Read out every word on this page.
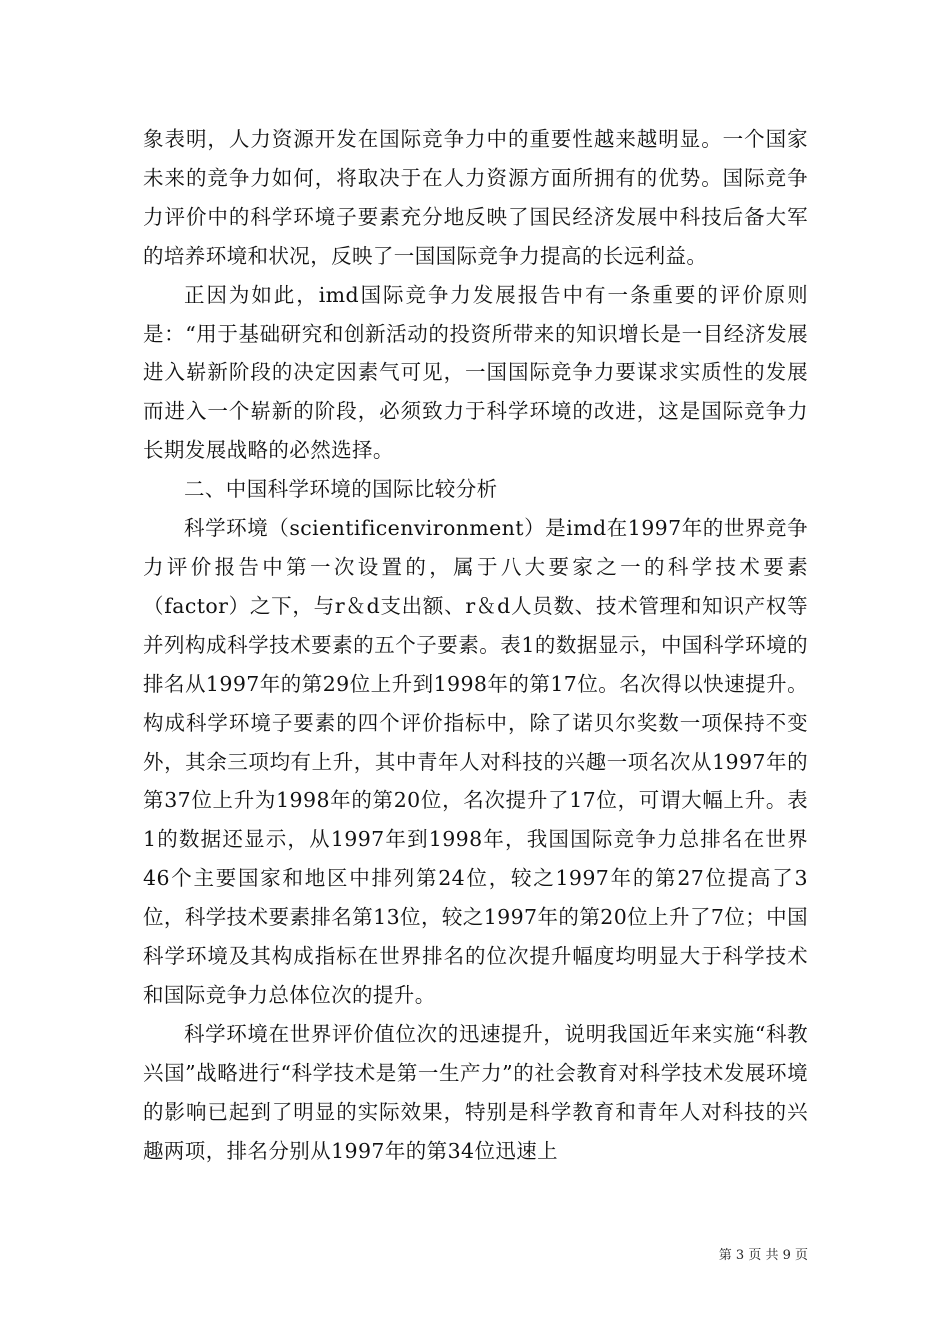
象表明，人力资源开发在国际竞争力中的重要性越来越明显。一个国家未来的竞争力如何，将取决于在人力资源方面所拥有的优势。国际竞争力评价中的科学环境子要素充分地反映了国民经济发展中科技后备大军的培养环境和状况，反映了一国国际竞争力提高的长远利益。

正因为如此，imd国际竞争力发展报告中有一条重要的评价原则是：“用于基础研究和创新活动的投资所带来的知识增长是一目经济发展进入崭新阶段的决定因素气可见，一国国际竞争力要谋求实质性的发展而进入一个崭新的阶段，必须致力于科学环境的改进，这是国际竞争力长期发展战略的必然选择。

二、中国科学环境的国际比较分析

科学环境（scientificenvironment）是imd在1997年的世界竞争力评价报告中第一次设置的，属于八大要家之一的科学技术要素（factor）之下，与r＆d支出额、r＆d人员数、技术管理和知识产权等并列构成科学技术要素的五个子要素。表1的数据显示，中国科学环境的排名从1997年的第29位上升到1998年的第17位。名次得以快速提升。构成科学环境子要素的四个评价指标中，除了诺贝尔奖数一项保持不变外，其余三项均有上升，其中青年人对科技的兴趣一项名次从1997年的第37位上升为1998年的第20位，名次提升了17位，可谓大幅上升。表1的数据还显示，从1997年到1998年，我国国际竞争力总排名在世界46个主要国家和地区中排列第24位，较之1997年的第27位提高了3位，科学技术要素排名第13位，较之1997年的第20位上升了7位；中国科学环境及其构成指标在世界排名的位次提升幅度均明显大于科学技术和国际竞争力总体位次的提升。

科学环境在世界评价值位次的迅速提升，说明我国近年来实施“科教兴国”战略进行“科学技术是第一生产力”的社会教育对科学技术发展环境的影响已起到了明显的实际效果，特别是科学教育和青年人对科技的兴趣两项，排名分别从1997年的第34位迅速上

第 3 页 共 9 页
